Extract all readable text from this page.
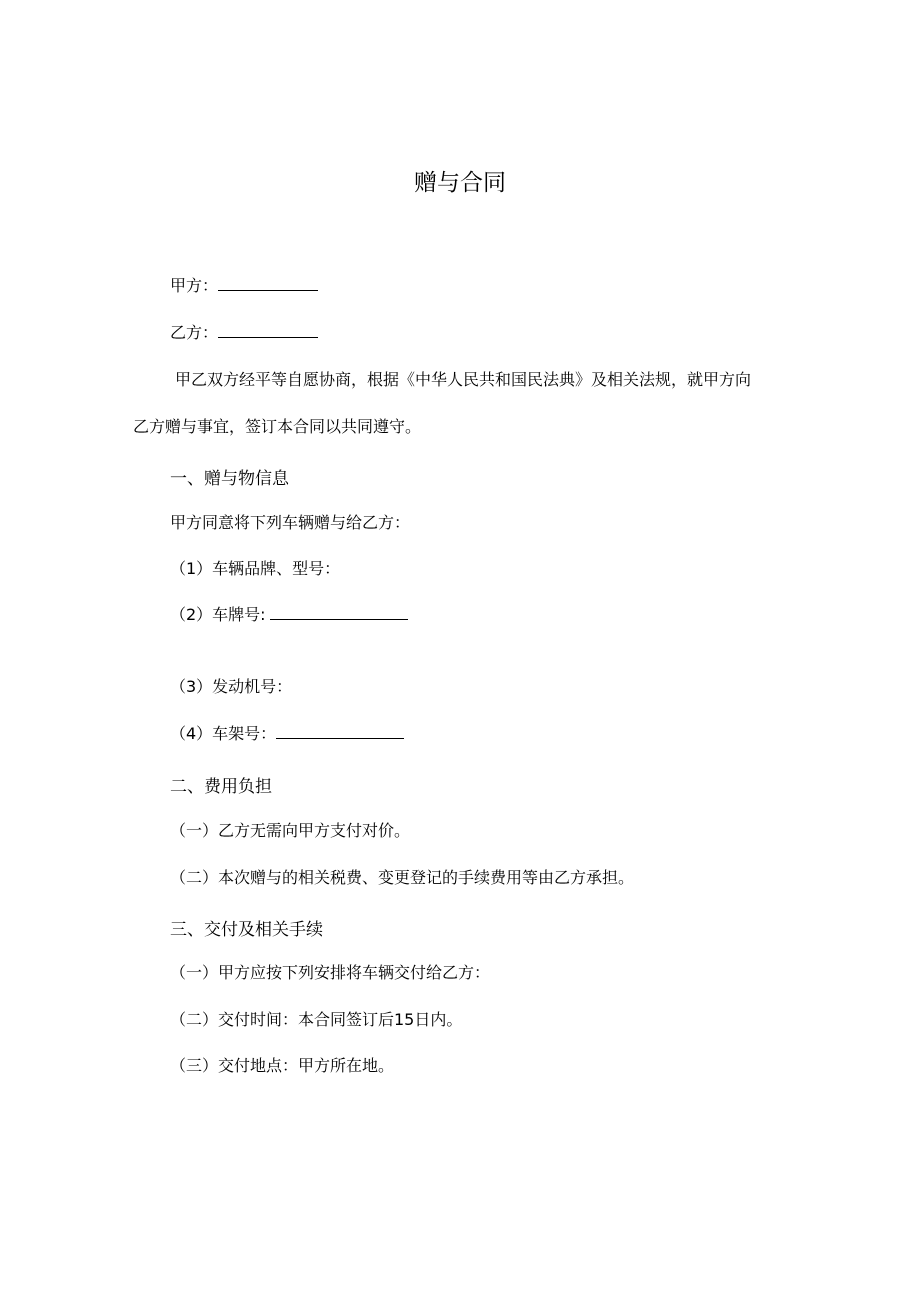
赠与合同
甲方：
乙方：
甲乙双方经平等自愿协商，根据《中华人民共和国民法典》及相关法规，就甲方向
乙方赠与事宜，签订本合同以共同遵守。
一、赠与物信息
甲方同意将下列车辆赠与给乙方：
（1）车辆品牌、型号：
（2）车牌号:
（3）发动机号：
（4）车架号：
二、费用负担
（一）乙方无需向甲方支付对价。
（二）本次赠与的相关税费、变更登记的手续费用等由乙方承担。
三、交付及相关手续
（一）甲方应按下列安排将车辆交付给乙方：
（二）交付时间：本合同签订后15日内。
（三）交付地点：甲方所在地。
